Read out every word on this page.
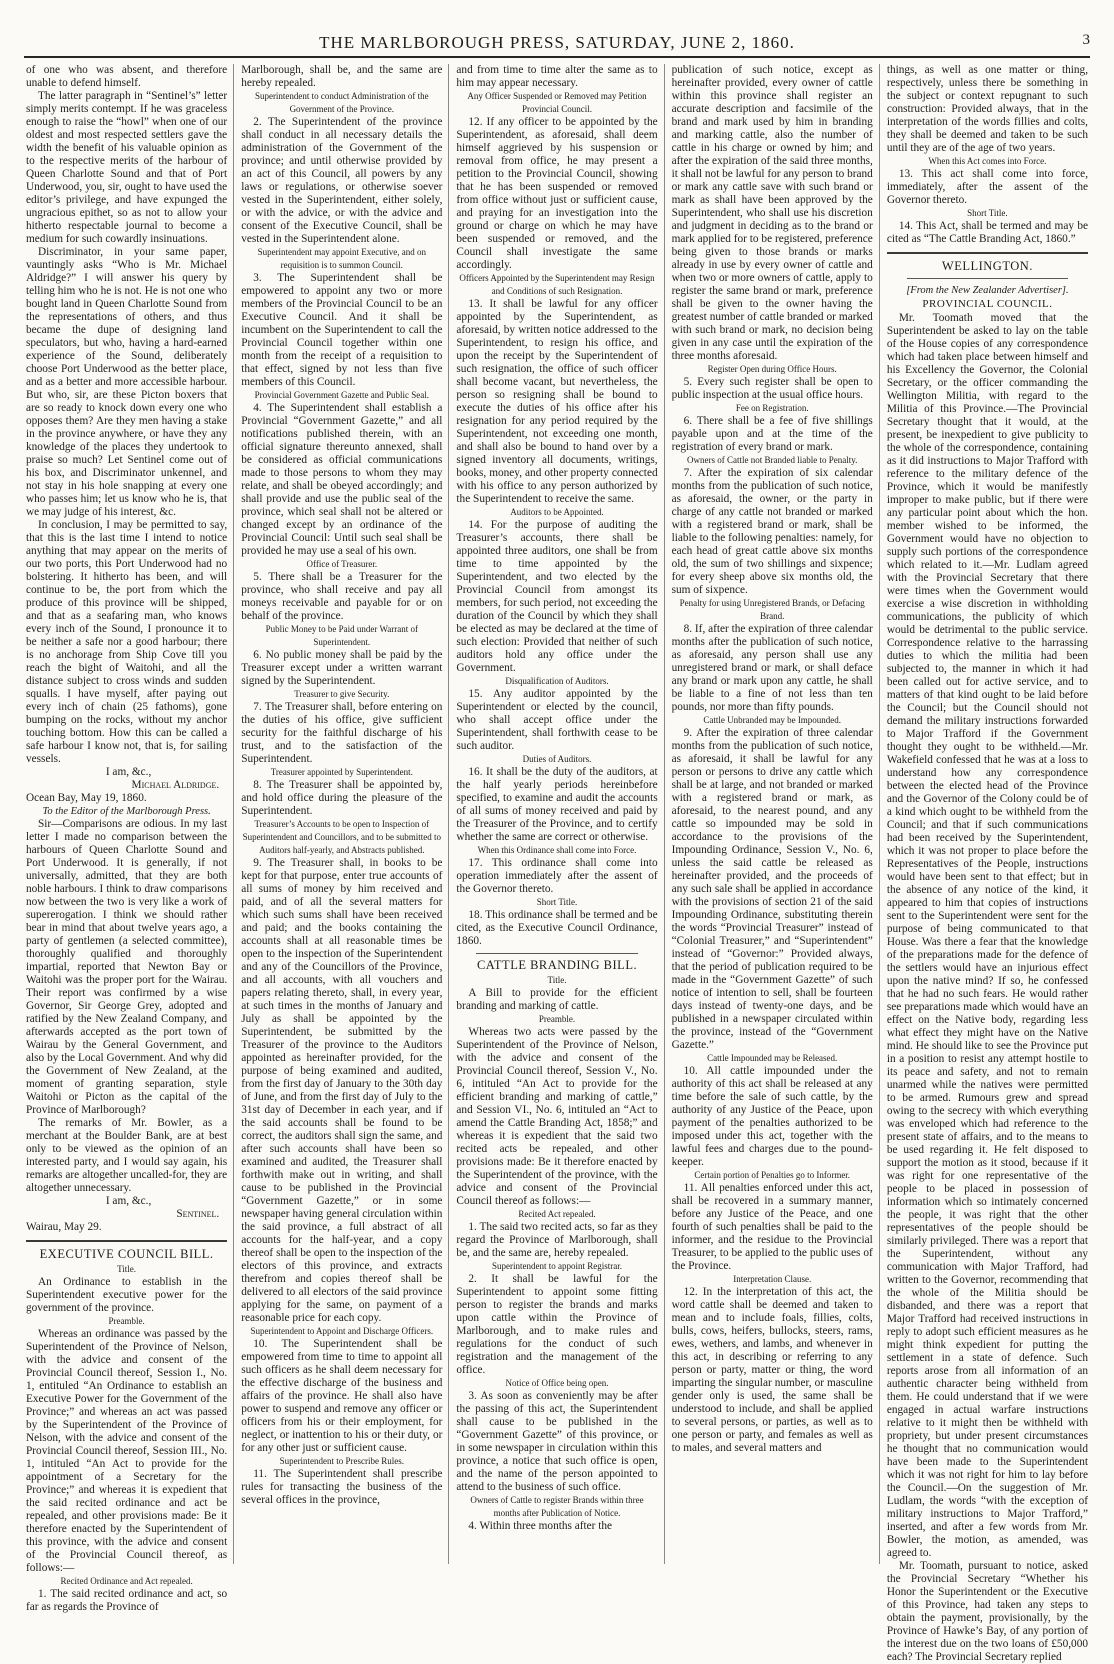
THE MARLBOROUGH PRESS, SATURDAY, JUNE 2, 1860.	3

of one who was absent, and therefore unable to defend himself.

The latter paragraph in “Sentinel’s” letter simply merits contempt. If he was graceless enough to raise the “howl” when one of our oldest and most respected settlers gave the width the benefit of his valuable opinion as to the respective merits of the harbour of Queen Charlotte Sound and that of Port Underwood, you, sir, ought to have used the editor’s privilege, and have expunged the ungracious epithet, so as not to allow your hitherto respectable journal to become a medium for such cowardly insinuations.

Discriminator, in your same paper, vauntingly asks “Who is Mr. Michael Aldridge?” I will answer his query by telling him who he is not. He is not one who bought land in Queen Charlotte Sound from the representations of others, and thus became the dupe of designing land speculators, but who, having a hard-earned experience of the Sound, deliberately choose Port Underwood as the better place, and as a better and more accessible harbour. But who, sir, are these Picton boxers that are so ready to knock down every one who opposes them? Are they men having a stake in the province anywhere, or have they any knowledge of the places they undertook to praise so much? Let Sentinel come out of his box, and Discriminator unkennel, and not stay in his hole snapping at every one who passes him; let us know who he is, that we may judge of his interest, &c.

In conclusion, I may be permitted to say, that this is the last time I intend to notice anything that may appear on the merits of our two ports, this Port Underwood had no bolstering. It hitherto has been, and will continue to be, the port from which the produce of this province will be shipped, and that as a seafaring man, who knows every inch of the Sound, I pronounce it to be neither a safe nor a good harbour; there is no anchorage from Ship Cove till you reach the bight of Waitohi, and all the distance subject to cross winds and sudden squalls. I have myself, after paying out every inch of chain (25 fathoms), gone bumping on the rocks, without my anchor touching bottom. How this can be called a safe harbour I know not, that is, for sailing vessels.

I am, &c.,

Michael Aldridge.

Ocean Bay, May 19, 1860.

To the Editor of the Marlborough Press.

Sir—Comparisons are odious. In my last letter I made no comparison between the harbours of Queen Charlotte Sound and Port Underwood. It is generally, if not universally, admitted, that they are both noble harbours. I think to draw comparisons now between the two is very like a work of supererogation. I think we should rather bear in mind that about twelve years ago, a party of gentlemen (a selected committee), thoroughly qualified and thoroughly impartial, reported that Newton Bay or Waitohi was the proper port for the Wairau. Their report was confirmed by a wise Governor, Sir George Grey, adopted and ratified by the New Zealand Company, and afterwards accepted as the port town of Wairau by the General Government, and also by the Local Government. And why did the Government of New Zealand, at the moment of granting separation, style Waitohi or Picton as the capital of the Province of Marlborough?

The remarks of Mr. Bowler, as a merchant at the Boulder Bank, are at best only to be viewed as the opinion of an interested party, and I would say again, his remarks are altogether uncalled-for, they are altogether unnecessary.

I am, &c.,

Sentinel.

Wairau, May 29.

EXECUTIVE COUNCIL BILL.

Title.

An Ordinance to establish in the Superintendent executive power for the government of the province.

Preamble.

Whereas an ordinance was passed by the Superintendent of the Province of Nelson, with the advice and consent of the Provincial Council thereof, Session I., No. 1, entituled “An Ordinance to establish an Executive Power for the Government of the Province;” and whereas an act was passed by the Superintendent of the Province of Nelson, with the advice and consent of the Provincial Council thereof, Session III., No. 1, intituled “An Act to provide for the appointment of a Secretary for the Province;” and whereas it is expedient that the said recited ordinance and act be repealed, and other provisions made: Be it therefore enacted by the Superintendent of this province, with the advice and consent of the Provincial Council thereof, as follows:—

Recited Ordinance and Act repealed.

1. The said recited ordinance and act, so far as regards the Province of

Marlborough, shall be, and the same are hereby repealed.

Superintendent to conduct Administration of the Government of the Province.

2. The Superintendent of the province shall conduct in all necessary details the administration of the Government of the province; and until otherwise provided by an act of this Council, all powers by any laws or regulations, or otherwise soever vested in the Superintendent, either solely, or with the advice, or with the advice and consent of the Executive Council, shall be vested in the Superintendent alone.

Superintendent may appoint Executive, and on requisition is to summon Council.

3. The Superintendent shall be empowered to appoint any two or more members of the Provincial Council to be an Executive Council. And it shall be incumbent on the Superintendent to call the Provincial Council together within one month from the receipt of a requisition to that effect, signed by not less than five members of this Council.

Provincial Government Gazette and Public Seal.

4. The Superintendent shall establish a Provincial “Government Gazette,” and all notifications published therein, with an official signature thereunto annexed, shall be considered as official communications made to those persons to whom they may relate, and shall be obeyed accordingly; and shall provide and use the public seal of the province, which seal shall not be altered or changed except by an ordinance of the Provincial Council: Until such seal shall be provided he may use a seal of his own.

Office of Treasurer.

5. There shall be a Treasurer for the province, who shall receive and pay all moneys receivable and payable for or on behalf of the province.

Public Money to be Paid under Warrant of Superintendent.

6. No public money shall be paid by the Treasurer except under a written warrant signed by the Superintendent.

Treasurer to give Security.

7. The Treasurer shall, before entering on the duties of his office, give sufficient security for the faithful discharge of his trust, and to the satisfaction of the Superintendent.

Treasurer appointed by Superintendent.

8. The Treasurer shall be appointed by, and hold office during the pleasure of the Superintendent.

Treasurer’s Accounts to be open to Inspection of Superintendent and Councillors, and to be submitted to Auditors half-yearly, and Abstracts published.

9. The Treasurer shall, in books to be kept for that purpose, enter true accounts of all sums of money by him received and paid, and of all the several matters for which such sums shall have been received and paid; and the books containing the accounts shall at all reasonable times be open to the inspection of the Superintendent and any of the Councillors of the Province, and all accounts, with all vouchers and papers relating thereto, shall, in every year, at such times in the months of January and July as shall be appointed by the Superintendent, be submitted by the Treasurer of the province to the Auditors appointed as hereinafter provided, for the purpose of being examined and audited, from the first day of January to the 30th day of June, and from the first day of July to the 31st day of December in each year, and if the said accounts shall be found to be correct, the auditors shall sign the same, and after such accounts shall have been so examined and audited, the Treasurer shall forthwith make out in writing, and shall cause to be published in the Provincial “Government Gazette,” or in some newspaper having general circulation within the said province, a full abstract of all accounts for the half-year, and a copy thereof shall be open to the inspection of the electors of this province, and extracts therefrom and copies thereof shall be delivered to all electors of the said province applying for the same, on payment of a reasonable price for each copy.

Superintendent to Appoint and Discharge Officers.

10. The Superintendent shall be empowered from time to time to appoint all such officers as he shall deem necessary for the effective discharge of the business and affairs of the province. He shall also have power to suspend and remove any officer or officers from his or their employment, for neglect, or inattention to his or their duty, or for any other just or sufficient cause.

Superintendent to Prescribe Rules.

11. The Superintendent shall prescribe rules for transacting the business of the several offices in the province,

and from time to time alter the same as to him may appear necessary.

Any Officer Suspended or Removed may Petition Provincial Council.

12. If any officer to be appointed by the Superintendent, as aforesaid, shall deem himself aggrieved by his suspension or removal from office, he may present a petition to the Provincial Council, showing that he has been suspended or removed from office without just or sufficient cause, and praying for an investigation into the ground or charge on which he may have been suspended or removed, and the Council shall investigate the same accordingly.

Officers Appointed by the Superintendent may Resign and Conditions of such Resignation.

13. It shall be lawful for any officer appointed by the Superintendent, as aforesaid, by written notice addressed to the Superintendent, to resign his office, and upon the receipt by the Superintendent of such resignation, the office of such officer shall become vacant, but nevertheless, the person so resigning shall be bound to execute the duties of his office after his resignation for any period required by the Superintendent, not exceeding one month, and shall also be bound to hand over by a signed inventory all documents, writings, books, money, and other property connected with his office to any person authorized by the Superintendent to receive the same.

Auditors to be Appointed.

14. For the purpose of auditing the Treasurer’s accounts, there shall be appointed three auditors, one shall be from time to time appointed by the Superintendent, and two elected by the Provincial Council from amongst its members, for such period, not exceeding the duration of the Council by which they shall be elected as may be declared at the time of such election: Provided that neither of such auditors hold any office under the Government.

Disqualification of Auditors.

15. Any auditor appointed by the Superintendent or elected by the council, who shall accept office under the Superintendent, shall forthwith cease to be such auditor.

Duties of Auditors.

16. It shall be the duty of the auditors, at the half yearly periods hereinbefore specified, to examine and audit the accounts of all sums of money received and paid by the Treasurer of the Province, and to certify whether the same are correct or otherwise.

When this Ordinance shall come into Force.

17. This ordinance shall come into operation immediately after the assent of the Governor thereto.

Short Title.

18. This ordinance shall be termed and be cited, as the Executive Council Ordinance, 1860.

CATTLE BRANDING BILL.

Title.

A Bill to provide for the efficient branding and marking of cattle.

Preamble.

Whereas two acts were passed by the Superintendent of the Province of Nelson, with the advice and consent of the Provincial Council thereof, Session V., No. 6, intituled “An Act to provide for the efficient branding and marking of cattle,” and Session VI., No. 6, intituled an “Act to amend the Cattle Branding Act, 1858;” and whereas it is expedient that the said two recited acts be repealed, and other provisions made: Be it therefore enacted by the Superintendent of the province, with the advice and consent of the Provincial Council thereof as follows:—

Recited Act repealed.

1. The said two recited acts, so far as they regard the Province of Marlborough, shall be, and the same are, hereby repealed.

Superintendent to appoint Registrar.

2. It shall be lawful for the Superintendent to appoint some fitting person to register the brands and marks upon cattle within the Province of Marlborough, and to make rules and regulations for the conduct of such registration and the management of the office.

Notice of Office being open.

3. As soon as conveniently may be after the passing of this act, the Superintendent shall cause to be published in the “Government Gazette” of this province, or in some newspaper in circulation within this province, a notice that such office is open, and the name of the person appointed to attend to the business of such office.

Owners of Cattle to register Brands within three months after Publication of Notice.

4. Within three months after the

publication of such notice, except as hereinafter provided, every owner of cattle within this province shall register an accurate description and facsimile of the brand and mark used by him in branding and marking cattle, also the number of cattle in his charge or owned by him; and after the expiration of the said three months, it shall not be lawful for any person to brand or mark any cattle save with such brand or mark as shall have been approved by the Superintendent, who shall use his discretion and judgment in deciding as to the brand or mark applied for to be registered, preference being given to those brands or marks already in use by every owner of cattle and when two or more owners of cattle, apply to register the same brand or mark, preference shall be given to the owner having the greatest number of cattle branded or marked with such brand or mark, no decision being given in any case until the expiration of the three months aforesaid.

Register Open during Office Hours.

5. Every such register shall be open to public inspection at the usual office hours.

Fee on Registration.

6. There shall be a fee of five shillings payable upon and at the time of the registration of every brand or mark.

Owners of Cattle not Branded liable to Penalty.

7. After the expiration of six calendar months from the publication of such notice, as aforesaid, the owner, or the party in charge of any cattle not branded or marked with a registered brand or mark, shall be liable to the following penalties: namely, for each head of great cattle above six months old, the sum of two shillings and sixpence; for every sheep above six months old, the sum of sixpence.

Penalty for using Unregistered Brands, or Defacing Brand.

8. If, after the expiration of three calendar months after the publication of such notice, as aforesaid, any person shall use any unregistered brand or mark, or shall deface any brand or mark upon any cattle, he shall be liable to a fine of not less than ten pounds, nor more than fifty pounds.

Cattle Unbranded may be Impounded.

9. After the expiration of three calendar months from the publication of such notice, as aforesaid, it shall be lawful for any person or persons to drive any cattle which shall be at large, and not branded or marked with a registered brand or mark, as aforesaid, to the nearest pound, and any cattle so impounded may be sold in accordance to the provisions of the Impounding Ordinance, Session V., No. 6, unless the said cattle be released as hereinafter provided, and the proceeds of any such sale shall be applied in accordance with the provisions of section 21 of the said Impounding Ordinance, substituting therein the words “Provincial Treasurer” instead of “Colonial Treasurer,” and “Superintendent” instead of “Governor:” Provided always, that the period of publication required to be made in the “Government Gazette” of such notice of intention to sell, shall be fourteen days instead of twenty-one days, and be published in a newspaper circulated within the province, instead of the “Government Gazette.”

Cattle Impounded may be Released.

10. All cattle impounded under the authority of this act shall be released at any time before the sale of such cattle, by the authority of any Justice of the Peace, upon payment of the penalties authorized to be imposed under this act, together with the lawful fees and charges due to the pound-keeper.

Certain portion of Penalties go to Informer.

11. All penalties enforced under this act, shall be recovered in a summary manner, before any Justice of the Peace, and one fourth of such penalties shall be paid to the informer, and the residue to the Provincial Treasurer, to be applied to the public uses of the Province.

Interpretation Clause.

12. In the interpretation of this act, the word cattle shall be deemed and taken to mean and to include foals, fillies, colts, bulls, cows, heifers, bullocks, steers, rams, ewes, wethers, and lambs, and whenever in this act, in describing or referring to any person or party, matter or thing, the word imparting the singular number, or masculine gender only is used, the same shall be understood to include, and shall be applied to several persons, or parties, as well as to one person or party, and females as well as to males, and several matters and

things, as well as one matter or thing, respectively, unless there be something in the subject or context repugnant to such construction: Provided always, that in the interpretation of the words fillies and colts, they shall be deemed and taken to be such until they are of the age of two years.

When this Act comes into Force.

13. This act shall come into force, immediately, after the assent of the Governor thereto.

Short Title.

14. This Act, shall be termed and may be cited as “The Cattle Branding Act, 1860.”

WELLINGTON.

[From the New Zealander Advertiser].

PROVINCIAL COUNCIL.

Mr. Toomath moved that the Superintendent be asked to lay on the table of the House copies of any correspondence which had taken place between himself and his Excellency the Governor, the Colonial Secretary, or the officer commanding the Wellington Militia, with regard to the Militia of this Province.—The Provincial Secretary thought that it would, at the present, be inexpedient to give publicity to the whole of the correspondence, containing as it did instructions to Major Trafford with reference to the military defence of the Province, which it would be manifestly improper to make public, but if there were any particular point about which the hon. member wished to be informed, the Government would have no objection to supply such portions of the correspondence which related to it.—Mr. Ludlam agreed with the Provincial Secretary that there were times when the Government would exercise a wise discretion in withholding communications, the publicity of which would be detrimental to the public service. Correspondence relative to the harrassing duties to which the militia had been subjected to, the manner in which it had been called out for active service, and to matters of that kind ought to be laid before the Council; but the Council should not demand the military instructions forwarded to Major Trafford if the Government thought they ought to be withheld.—Mr. Wakefield confessed that he was at a loss to understand how any correspondence between the elected head of the Province and the Governor of the Colony could be of a kind which ought to be withheld from the Council; and that if such communications had been received by the Superintendent, which it was not proper to place before the Representatives of the People, instructions would have been sent to that effect; but in the absence of any notice of the kind, it appeared to him that copies of instructions sent to the Superintendent were sent for the purpose of being communicated to that House. Was there a fear that the knowledge of the preparations made for the defence of the settlers would have an injurious effect upon the native mind? If so, he confessed that he had no such fears. He would rather see preparations made which would have an effect on the Native body, regarding less what effect they might have on the Native mind. He should like to see the Province put in a position to resist any attempt hostile to its peace and safety, and not to remain unarmed while the natives were permitted to be armed. Rumours grew and spread owing to the secrecy with which everything was enveloped which had reference to the present state of affairs, and to the means to be used regarding it. He felt disposed to support the motion as it stood, because if it was right for one representative of the people to be placed in possession of information which so intimately concerned the people, it was right that the other representatives of the people should be similarly privileged. There was a report that the Superintendent, without any communication with Major Trafford, had written to the Governor, recommending that the whole of the Militia should be disbanded, and there was a report that Major Trafford had received instructions in reply to adopt such efficient measures as he might think expedient for putting the settlement in a state of defence. Such reports arose from all information of an authentic character being withheld from them. He could understand that if we were engaged in actual warfare instructions relative to it might then be withheld with propriety, but under present circumstances he thought that no communication would have been made to the Superintendent which it was not right for him to lay before the Council.—On the suggestion of Mr. Ludlam, the words “with the exception of military instructions to Major Trafford,” inserted, and after a few words from Mr. Bowler, the motion, as amended, was agreed to.

Mr. Toomath, pursuant to notice, asked the Provincial Secretary “Whether his Honor the Superintendent or the Executive of this Province, had taken any steps to obtain the payment, provisionally, by the Province of Hawke’s Bay, of any portion of the interest due on the two loans of £50,000 each? The Provincial Secretary replied
